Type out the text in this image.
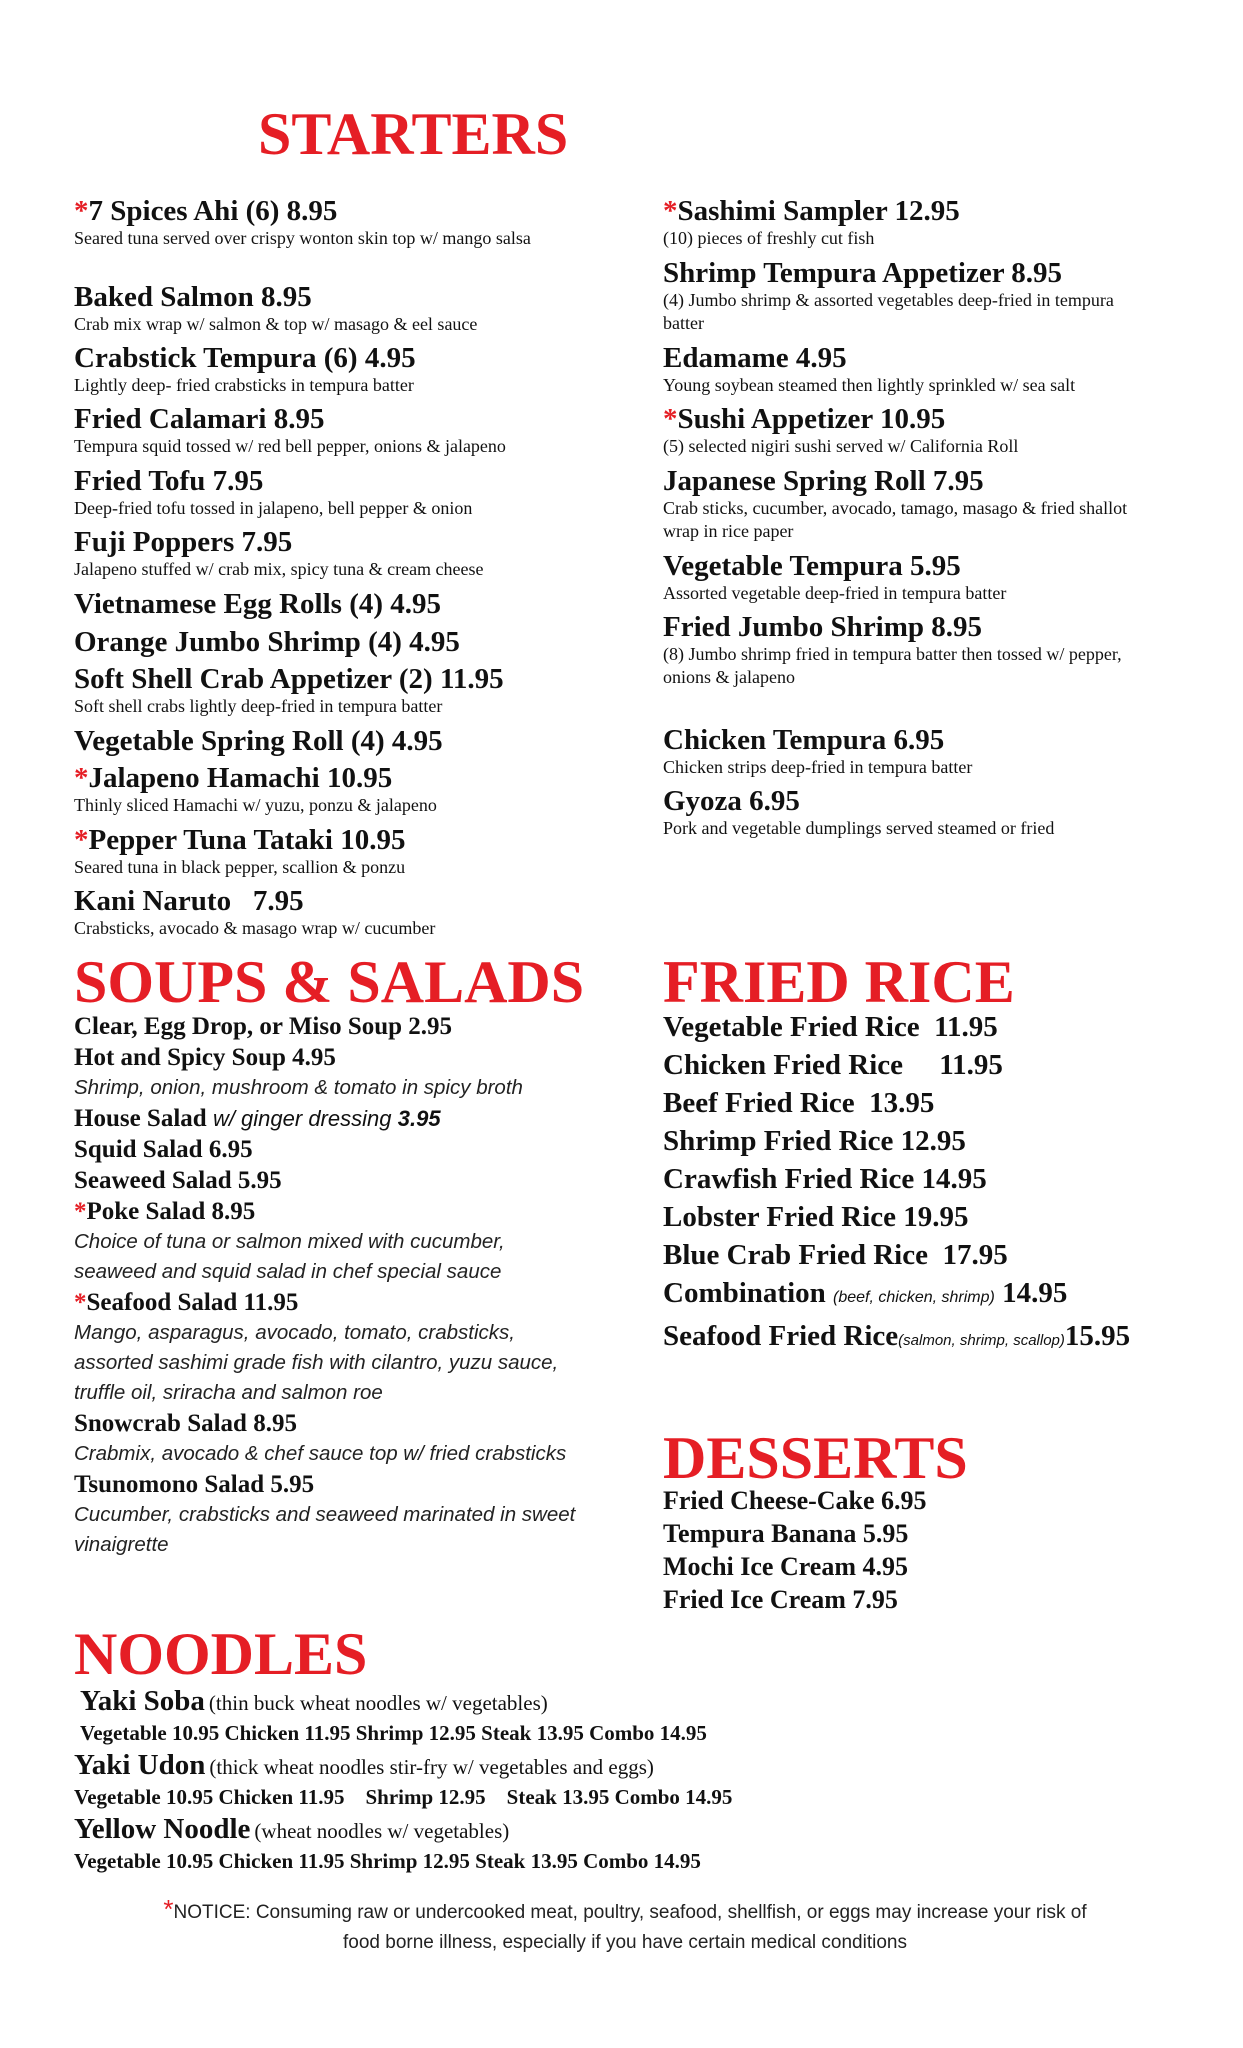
STARTERS
*7 Spices Ahi (6) 8.95
Seared tuna served over crispy wonton skin top w/ mango salsa
Baked Salmon 8.95
Crab mix wrap w/ salmon & top w/ masago & eel sauce
Crabstick Tempura (6) 4.95
Lightly deep- fried crabsticks in tempura batter
Fried Calamari 8.95
Tempura squid tossed w/ red bell pepper, onions & jalapeno
Fried Tofu 7.95
Deep-fried tofu tossed in jalapeno, bell pepper & onion
Fuji Poppers 7.95
Jalapeno stuffed w/ crab mix, spicy tuna & cream cheese
Vietnamese Egg Rolls (4) 4.95
Orange Jumbo Shrimp (4) 4.95
Soft Shell Crab Appetizer (2) 11.95
Soft shell crabs lightly deep-fried in tempura batter
Vegetable Spring Roll (4) 4.95
*Jalapeno Hamachi 10.95
Thinly sliced Hamachi w/ yuzu, ponzu & jalapeno
*Pepper Tuna Tataki 10.95
Seared tuna in black pepper, scallion & ponzu
Kani Naruto   7.95
Crabsticks, avocado & masago wrap w/ cucumber
*Sashimi Sampler 12.95
(10) pieces of freshly cut fish
Shrimp Tempura Appetizer 8.95
(4) Jumbo shrimp & assorted vegetables deep-fried in tempura batter
Edamame 4.95
Young soybean steamed then lightly sprinkled w/ sea salt
*Sushi Appetizer 10.95
(5) selected nigiri sushi served w/ California Roll
Japanese Spring Roll 7.95
Crab sticks, cucumber, avocado, tamago, masago & fried shallot wrap in rice paper
Vegetable Tempura 5.95
Assorted vegetable deep-fried in tempura batter
Fried Jumbo Shrimp 8.95
(8) Jumbo shrimp fried in tempura batter then tossed w/ pepper, onions & jalapeno
Chicken Tempura 6.95
Chicken strips deep-fried in tempura batter
Gyoza 6.95
Pork and vegetable dumplings served steamed or fried
SOUPS & SALADS
Clear, Egg Drop, or Miso Soup 2.95
Hot and Spicy Soup 4.95
Shrimp, onion, mushroom & tomato in spicy broth
House Salad w/ ginger dressing 3.95
Squid Salad 6.95
Seaweed Salad 5.95
*Poke Salad 8.95
Choice of tuna or salmon mixed with cucumber, seaweed and squid salad in chef special sauce
*Seafood Salad 11.95
Mango, asparagus, avocado, tomato, crabsticks, assorted sashimi grade fish with cilantro, yuzu sauce, truffle oil, sriracha and salmon roe
Snowcrab Salad 8.95
Crabmix, avocado & chef sauce top w/ fried crabsticks
Tsunomono Salad 5.95
Cucumber, crabsticks and seaweed marinated in sweet vinaigrette
FRIED RICE
Vegetable Fried Rice  11.95
Chicken Fried Rice     11.95
Beef Fried Rice  13.95
Shrimp Fried Rice 12.95
Crawfish Fried Rice 14.95
Lobster Fried Rice 19.95
Blue Crab Fried Rice  17.95
Combination (beef, chicken, shrimp) 14.95
Seafood Fried Rice(salmon, shrimp, scallop)15.95
DESSERTS
Fried Cheese-Cake 6.95
Tempura Banana 5.95
Mochi Ice Cream 4.95
Fried Ice Cream 7.95
NOODLES
Yaki Soba (thin buck wheat noodles w/ vegetables)
Vegetable 10.95 Chicken 11.95 Shrimp 12.95 Steak 13.95 Combo 14.95
Yaki Udon (thick wheat noodles stir-fry w/ vegetables and eggs)
Vegetable 10.95 Chicken 11.95    Shrimp 12.95    Steak 13.95 Combo 14.95
Yellow Noodle (wheat noodles w/ vegetables)
Vegetable 10.95 Chicken 11.95 Shrimp 12.95 Steak 13.95 Combo 14.95
*NOTICE: Consuming raw or undercooked meat, poultry, seafood, shellfish, or eggs may increase your risk of
food borne illness, especially if you have certain medical conditions
